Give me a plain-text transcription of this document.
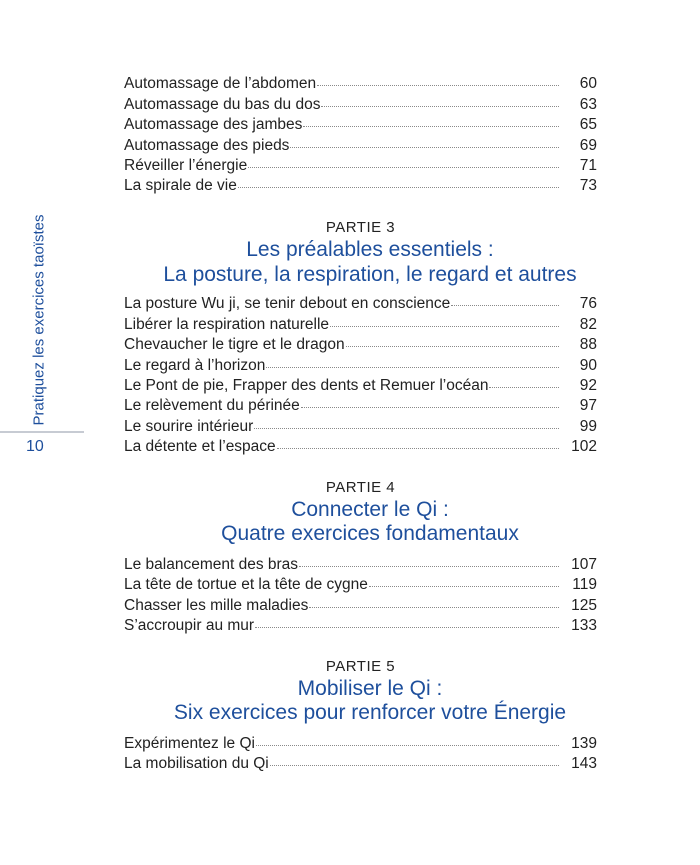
Pratiquez les exercices taoïstes
10
Automassage de l’abdomen	60
Automassage du bas du dos	63
Automassage des jambes	65
Automassage des pieds	69
Réveiller l’énergie	71
La spirale de vie	73
PARTIE 3
Les préalables essentiels :
La posture, la respiration, le regard et autres
La posture Wu ji, se tenir debout en conscience	76
Libérer la respiration naturelle	82
Chevaucher le tigre et le dragon	88
Le regard à l’horizon	90
Le Pont de pie, Frapper des dents et Remuer l’océan	92
Le relèvement du périnée	97
Le sourire intérieur	99
La détente et l’espace	102
PARTIE 4
Connecter le Qi :
Quatre exercices fondamentaux
Le balancement des bras	107
La tête de tortue et la tête de cygne	119
Chasser les mille maladies	125
S’accroupir au mur	133
PARTIE 5
Mobiliser le Qi :
Six exercices pour renforcer votre Énergie
Expérimentez le Qi	139
La mobilisation du Qi	143
